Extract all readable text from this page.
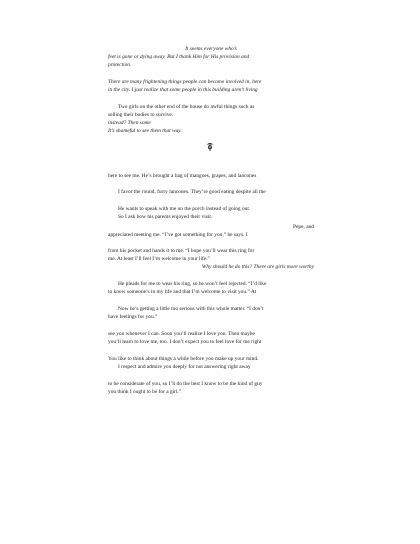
It seems everyone who’s
feet is gone or dying away. But I thank Him for His provision and
protection.
There are many frightening things people can become involved in, here
in the city. I just realize that some people in this building aren’t living
Two girls on the other end of the house do awful things such as
selling their bodies to survive.
instead? Then some
It’s shameful to see them that way.
here to see me. He’s brought a bag of mangoes, grapes, and lancones
I favor the round, furry lancones. They’re good eating despite all the
He wants to speak with me on the porch instead of going out.
So I ask how his parents enjoyed their visit.
Pepe, and
appreciated meeting me. “I’ve got something for you,” he says. I
from his pocket and hands it to me. “I hope you’ll wear this ring for
me. At least I’ll feel I’m welcome in your life.”
Why should he do this? There are girls more worthy
He pleads for me to wear his ring, so he won’t feel rejected. “I’d like
to know someone’s in my life and that I’m welcome to visit you.” At
Now he’s getting a little too serious with this whole matter. “I don’t
have feelings for you.”
see you whenever I can. Soon you’ll realize I love you. Then maybe
you’ll learn to love me, too. I don’t expect you to feel love for me right
You like to think about things a while before you make up your mind.
I respect and admire you deeply for not answering right away
to be considerate of you, so I’ll do the best I know to be the kind of guy
you think I ought to be for a girl.”
